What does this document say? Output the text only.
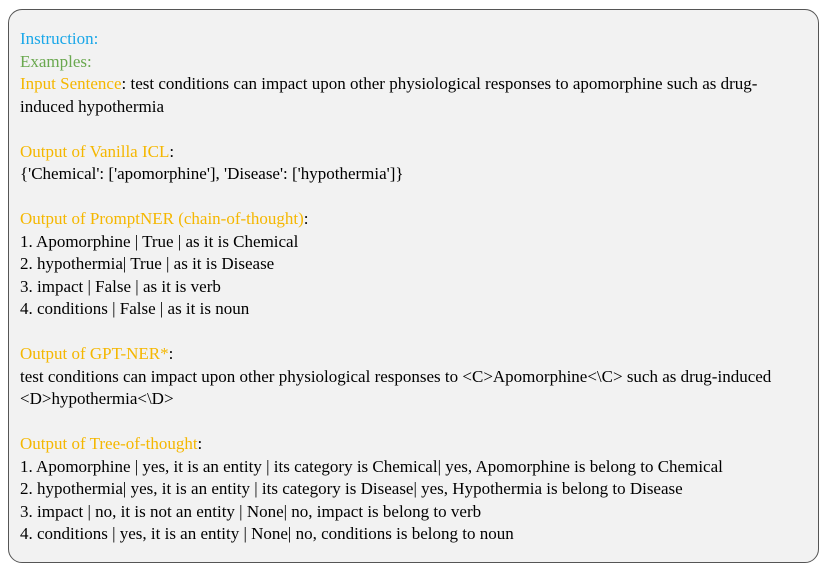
Instruction:
Examples:
Input Sentence: test conditions can impact upon other physiological responses to apomorphine such as drug-induced hypothermia
Output of Vanilla ICL:
{'Chemical': ['apomorphine'], 'Disease': ['hypothermia']}
Output of PromptNER (chain-of-thought):
1. Apomorphine | True | as it is Chemical
2. hypothermia| True | as it is Disease
3. impact | False | as it is verb
4. conditions | False | as it is noun
Output of GPT-NER*:
test conditions can impact upon other physiological responses to <C>Apomorphine<\C> such as drug-induced <D>hypothermia<\D>
Output of Tree-of-thought:
1. Apomorphine | yes, it is an entity | its category is Chemical| yes, Apomorphine is belong to Chemical
2. hypothermia| yes, it is an entity | its category is Disease| yes, Hypothermia is belong to Disease
3. impact | no, it is not an entity | None| no, impact is belong to verb
4. conditions | yes, it is an entity | None| no, conditions is belong to noun
